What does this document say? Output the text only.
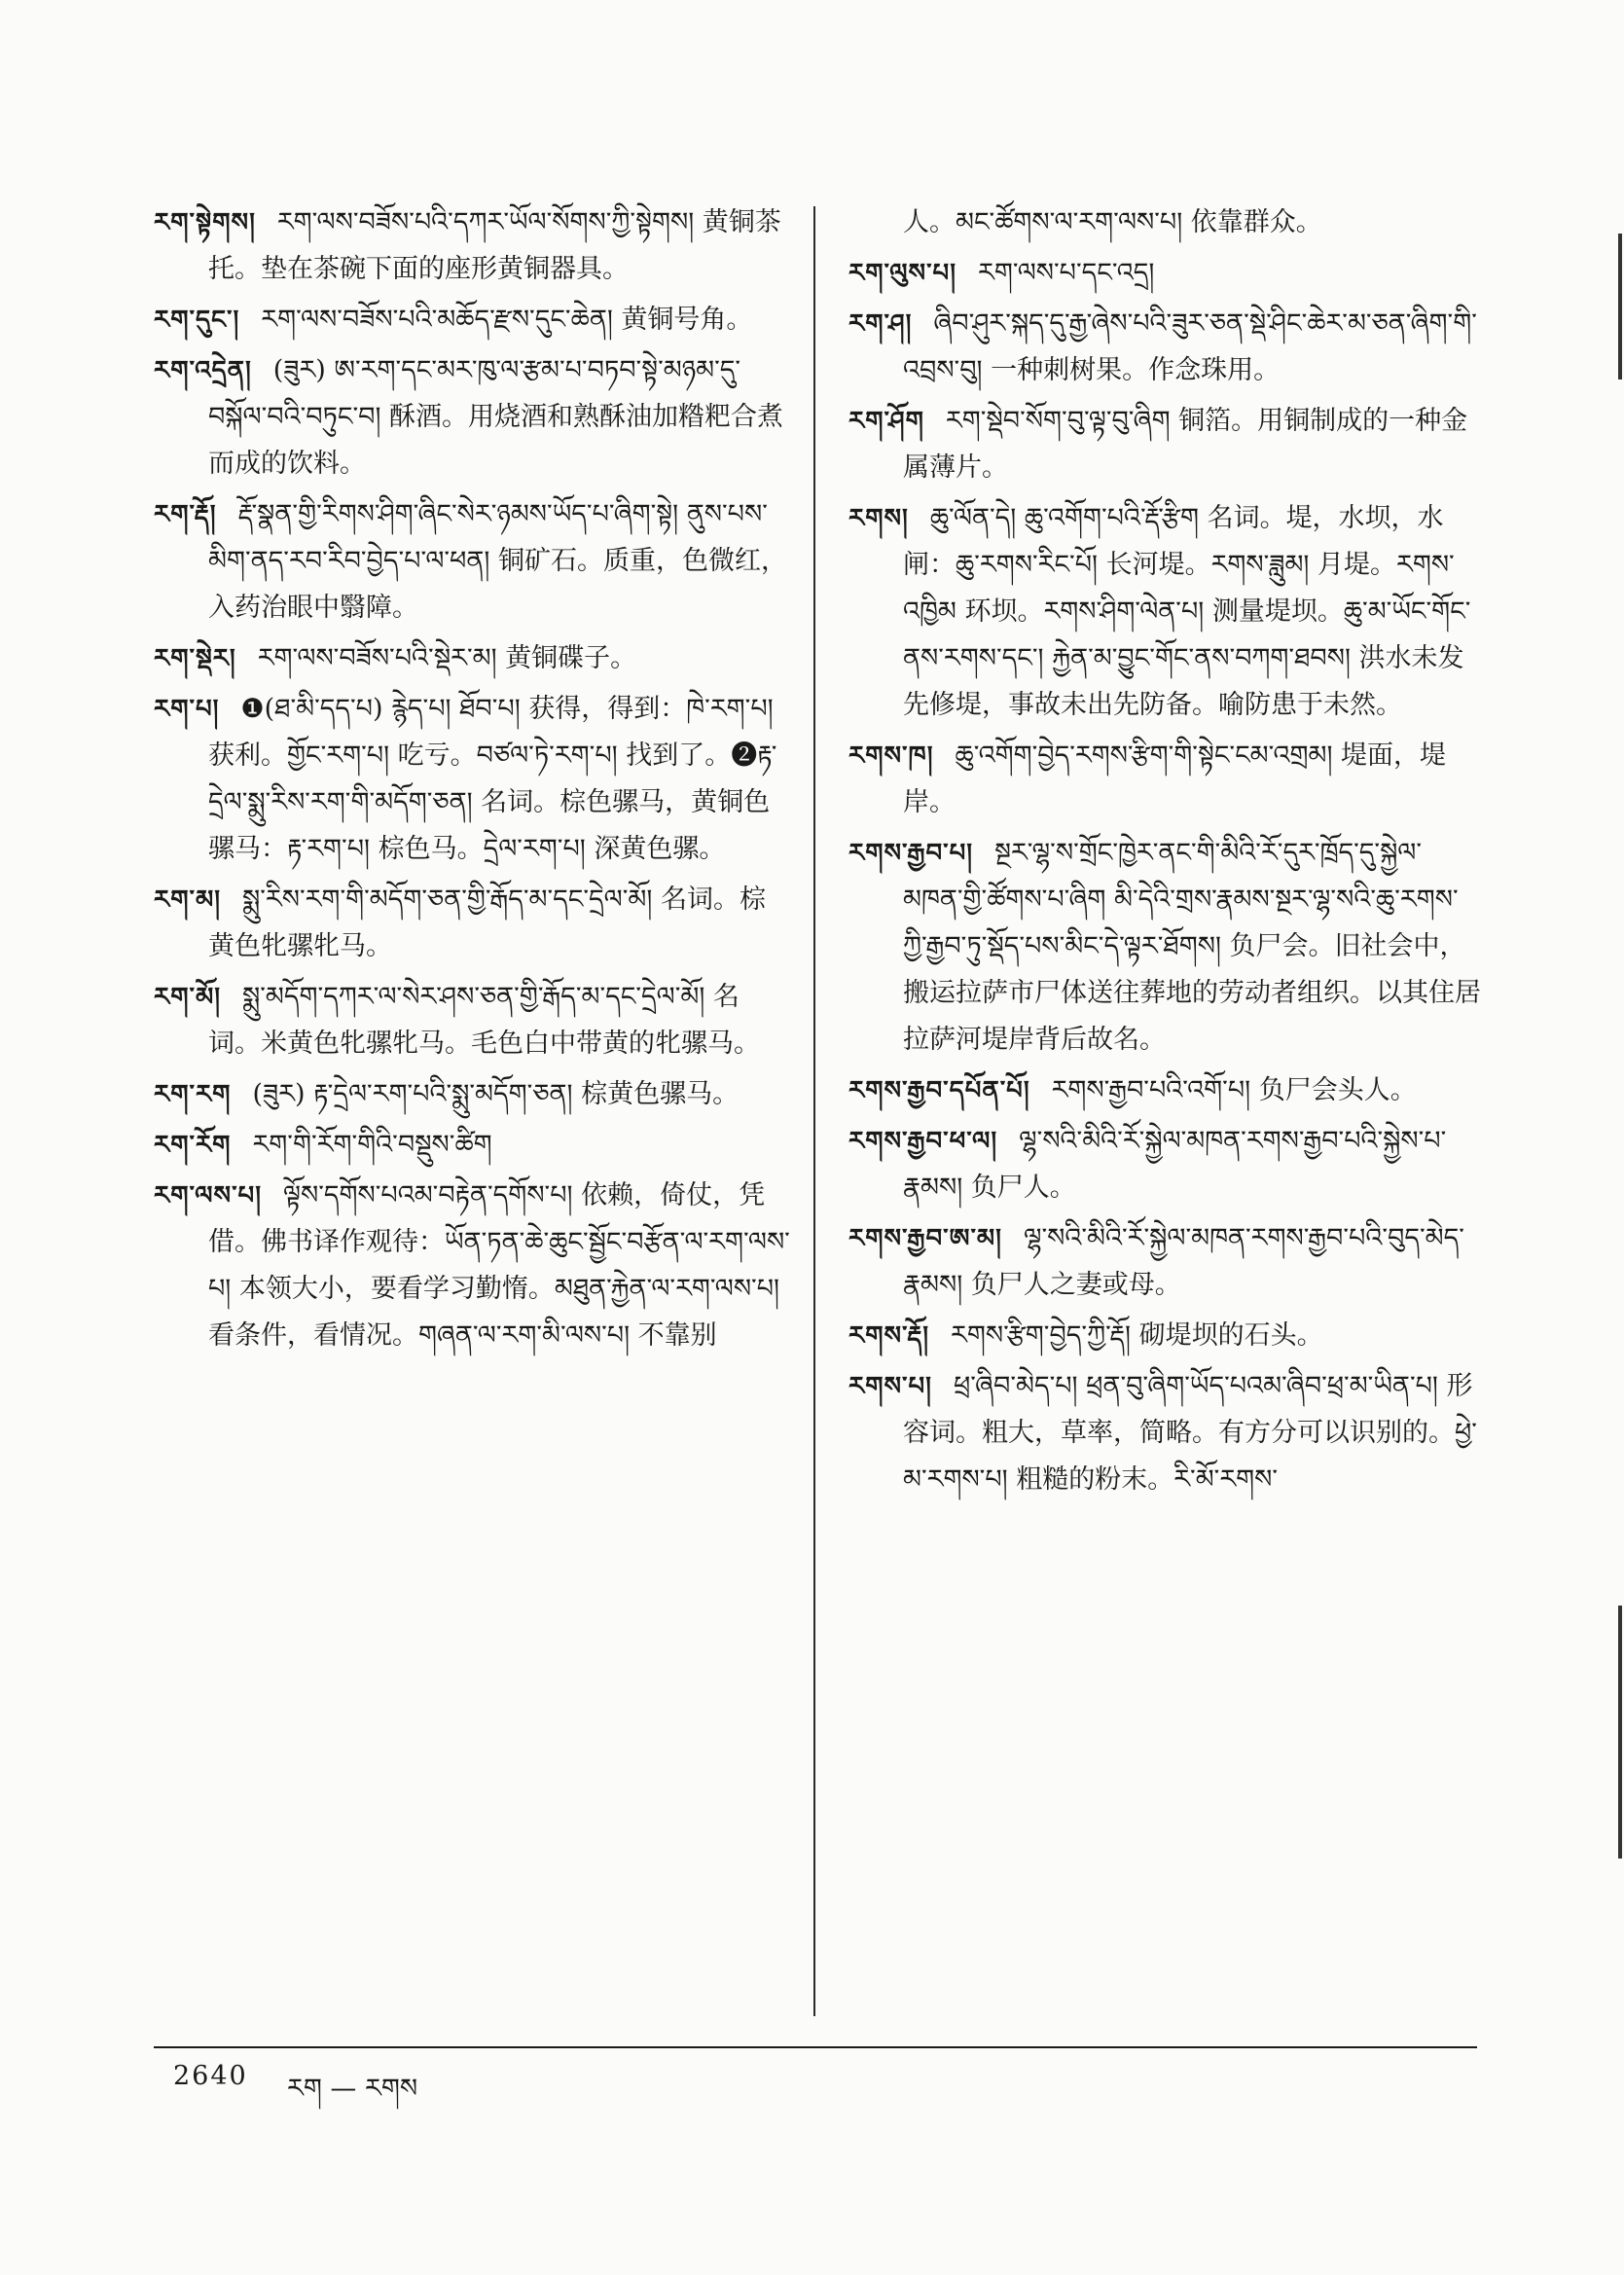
རག་སྟེགས། རག་ལས་བཟོས་པའི་དཀར་ཡོལ་སོགས་ཀྱི་སྟེགས། 黄铜茶托。垫在茶碗下面的座形黄铜器具。
རག་དུང་། རག་ལས་བཟོས་པའི་མཆོད་རྫས་དུང་ཆེན། 黄铜号角。
རག་འདྲེན། (ཟུར) ཨ་རག་དང་མར་ཁུ་ལ་རྩམ་པ་བཏབ་སྟེ་མཉམ་དུ་བསྐོལ་བའི་བཏུང་བ། 酥酒。用烧酒和熟酥油加糌粑合煮而成的饮料。
རག་རྡོ། རྡོ་སྣན་གྱི་རིགས་ཤིག་ཞིང་སེར་ཉམས་ཡོད་པ་ཞིག་སྟེ། ནུས་པས་མིག་ནད་རབ་རིབ་བྱེད་པ་ལ་ཕན། 铜矿石。质重，色微红，入药治眼中翳障。
རག་སྡེར། རག་ལས་བཟོས་པའི་སྡེར་མ། 黄铜碟子。
རག་པ། ❶(ཐ་མི་དད་པ) རྙེད་པ། ཐོབ་པ། 获得，得到：ཁེ་རག་པ། 获利。གྱོང་རག་པ། 吃亏。བཙལ་ཏེ་རག་པ། 找到了。❷རྟ་དྲེལ་སྨུ་རིས་རག་གི་མདོག་ཅན། 名词。棕色骡马，黄铜色骡马：རྟ་རག་པ། 棕色马。དྲེལ་རག་པ། 深黄色骡。
རག་མ། སྨུ་རིས་རག་གི་མདོག་ཅན་གྱི་རྒོད་མ་དང་དྲེལ་མོ། 名词。棕黄色牝骡牝马。
རག་མོ། སྨུ་མདོག་དཀར་ལ་སེར་ཤས་ཅན་གྱི་རྒོད་མ་དང་དྲེལ་མོ། 名词。米黄色牝骡牝马。毛色白中带黄的牝骡马。
རག་རག (ཟུར) རྟ་དྲེལ་རག་པའི་སྨུ་མདོག་ཅན། 棕黄色骡马。
རག་རོག རག་གི་རོག་གིའི་བསྡུས་ཚིག
རག་ལས་པ། ལྟོས་དགོས་པའམ་བརྟེན་དགོས་པ། 依赖，倚仗，凭借。佛书译作观待：ཡོན་ཏན་ཆེ་ཆུང་སྦྱོང་བརྩོན་ལ་རག་ལས་པ། 本领大小，要看学习勤惰。མཐུན་རྐྱེན་ལ་རག་ལས་པ། 看条件，看情况。གཞན་ལ་རག་མི་ལས་པ། 不靠别
人。མང་ཚོགས་ལ་རག་ལས་པ། 依靠群众。
རག་ལུས་པ། རག་ལས་པ་དང་འདྲ།
རག་ཤ། ཞིབ་ཤུར་སྐད་དུ་རྒྱ་ཞེས་པའི་ཟུར་ཅན་སྡེ་ཤིང་ཆེར་མ་ཅན་ཞིག་གི་འབྲས་བུ། 一种刺树果。作念珠用。
རག་ཤོག རག་སྡེབ་སོག་བུ་ལྟ་བུ་ཞིག 铜箔。用铜制成的一种金属薄片。
རགས། ཆུ་ལོན་དེ། ཆུ་འགོག་པའི་རྡོ་རྩིག 名词。堤，水坝，水闸：ཆུ་རགས་རིང་པོ། 长河堤。རགས་ཟླུམ། 月堤。རགས་འཁྱིམ 环坝。རགས་ཤིག་ལེན་པ། 测量堤坝。ཆུ་མ་ཡོང་གོང་ནས་རགས་དང་། རྐྱེན་མ་བྱུང་གོང་ནས་བཀག་ཐབས། 洪水未发先修堤，事故未出先防备。喻防患于未然。
རགས་ཁ། ཆུ་འགོག་བྱེད་རགས་རྩིག་གི་སྟེང་ངམ་འགྲམ། 堤面，堤岸。
རགས་རྒྱབ་པ། སྔར་ལྷ་ས་གྲོང་ཁྱེར་ནང་གི་མིའི་རོ་དུར་ཁྲོད་དུ་སྐྱེལ་མཁན་གྱི་ཚོགས་པ་ཞིག མི་དེའི་གྲས་རྣམས་སྔར་ལྷ་སའི་ཆུ་རགས་ཀྱི་རྒྱབ་ཏུ་སྡོད་པས་མིང་དེ་ལྟར་ཐོགས། 负尸会。旧社会中，搬运拉萨市尸体送往葬地的劳动者组织。以其住居拉萨河堤岸背后故名。
རགས་རྒྱབ་དཔོན་པོ། རགས་རྒྱབ་པའི་འགོ་པ། 负尸会头人。
རགས་རྒྱབ་ཕ་ལ། ལྷ་སའི་མིའི་རོ་སྐྱེལ་མཁན་རགས་རྒྱབ་པའི་སྐྱེས་པ་རྣམས། 负尸人。
རགས་རྒྱབ་ཨ་མ། ལྷ་སའི་མིའི་རོ་སྐྱེལ་མཁན་རགས་རྒྱབ་པའི་བུད་མེད་རྣམས། 负尸人之妻或母。
རགས་རྡོ། རགས་རྩིག་བྱེད་ཀྱི་རྡོ། 砌堤坝的石头。
རགས་པ། ཕྲ་ཞིབ་མེད་པ། ཕྲན་བུ་ཞིག་ཡོད་པའམ་ཞིབ་ཕྲ་མ་ཡིན་པ། 形容词。粗大，草率，简略。有方分可以识别的。ཕྱེ་མ་རགས་པ། 粗糙的粉末。རི་མོ་རགས་
2640 རག — རགས
